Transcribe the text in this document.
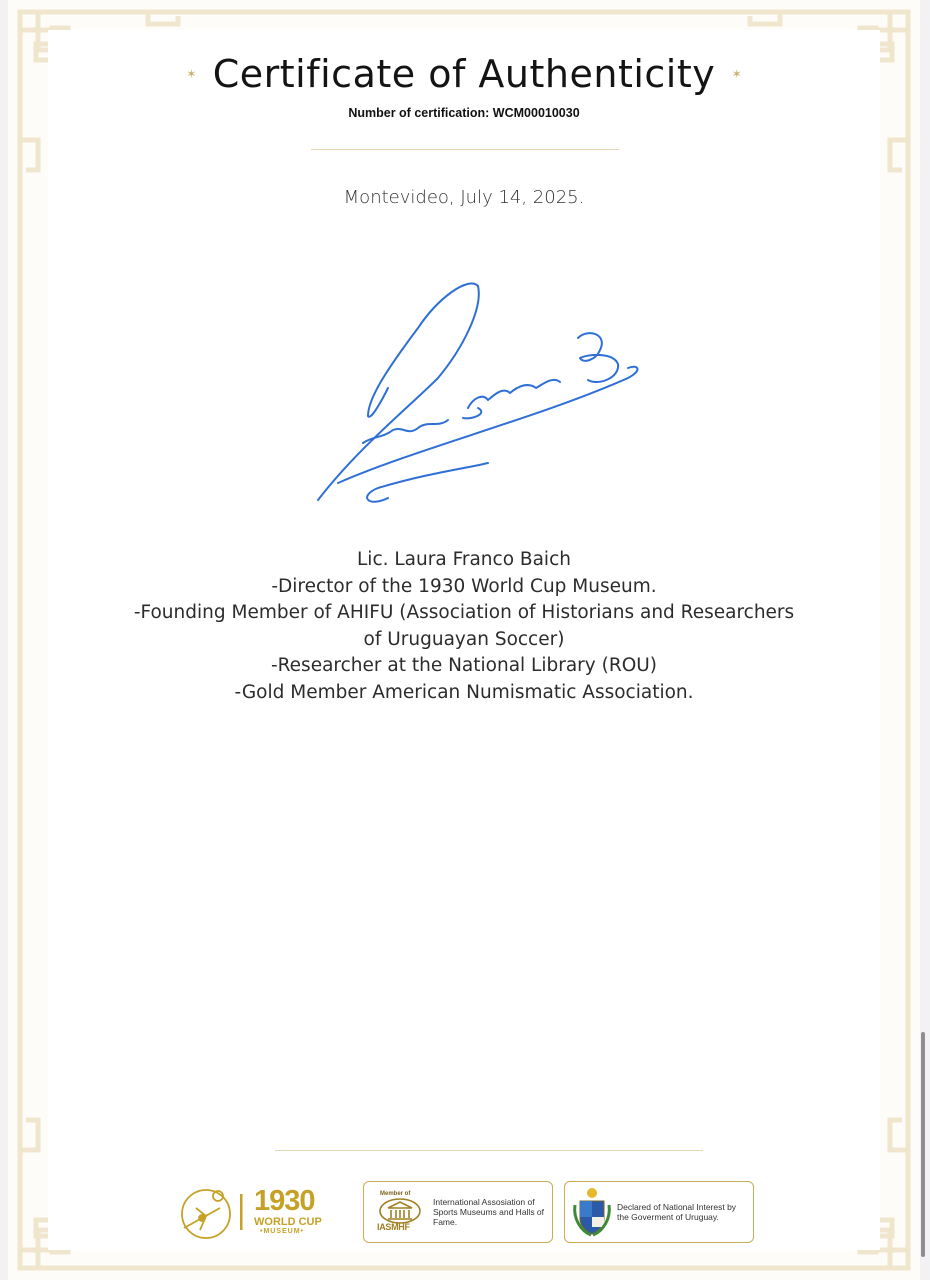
✶ Certificate of Authenticity ✶
Number of certification: WCM00010030
Montevideo, July 14, 2025.
Lic. Laura Franco Baich
-Director of the 1930 World Cup Museum.
-Founding Member of AHIFU (Association of Historians and Researchers
of Uruguayan Soccer)
-Researcher at the National Library (ROU)
-Gold Member American Numismatic Association.
1930
WORLD CUP
•MUSEUM•
Member of
IASMHF
International Assosiation of Sports Museums and Halls of Fame.
Declared of National Interest by the Goverment of Uruguay.
